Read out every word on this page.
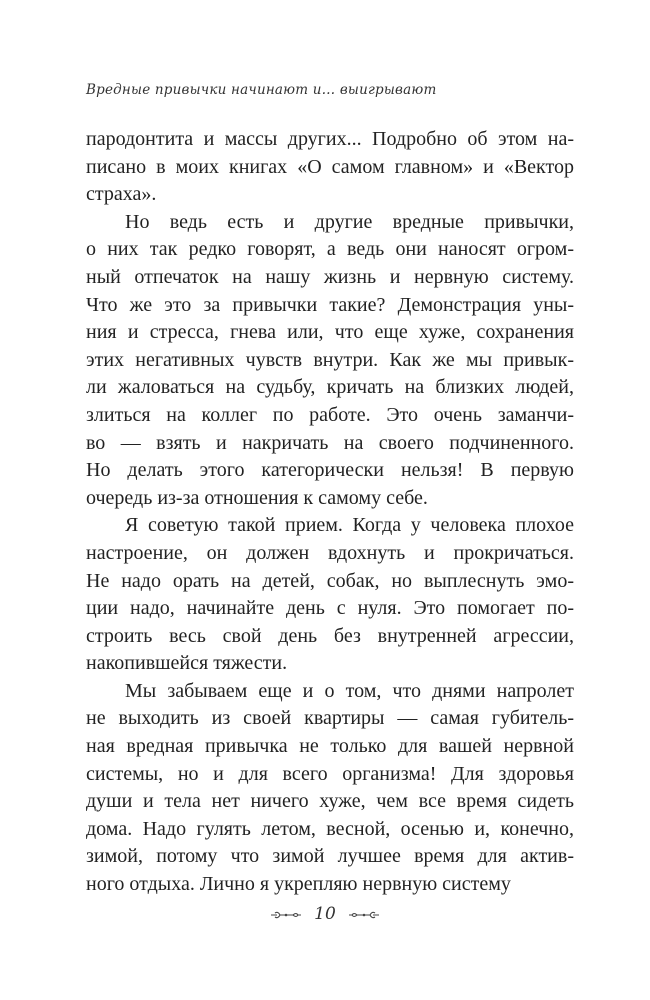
Вредные привычки начинают и… выигрывают

пародонтита и массы других... Подробно об этом на-
писано в моих книгах «О самом главном» и «Вектор
страха».

Но ведь есть и другие вредные привычки,
о них так редко говорят, а ведь они наносят огром-
ный отпечаток на нашу жизнь и нервную систему.
Что же это за привычки такие? Демонстрация уны-
ния и стресса, гнева или, что еще хуже, сохранения
этих негативных чувств внутри. Как же мы привык-
ли жаловаться на судьбу, кричать на близких людей,
злиться на коллег по работе. Это очень заманчи-
во — взять и накричать на своего подчиненного.
Но делать этого категорически нельзя! В первую
очередь из-за отношения к самому себе.

Я советую такой прием. Когда у человека плохое
настроение, он должен вдохнуть и прокричаться.
Не надо орать на детей, собак, но выплеснуть эмо-
ции надо, начинайте день с нуля. Это помогает по-
строить весь свой день без внутренней агрессии,
накопившейся тяжести.

Мы забываем еще и о том, что днями напролет
не выходить из своей квартиры — самая губитель-
ная вредная привычка не только для вашей нервной
системы, но и для всего организма! Для здоровья
души и тела нет ничего хуже, чем все время сидеть
дома. Надо гулять летом, весной, осенью и, конечно,
зимой, потому что зимой лучшее время для актив-
ного отдыха. Лично я укрепляю нервную систему

10
